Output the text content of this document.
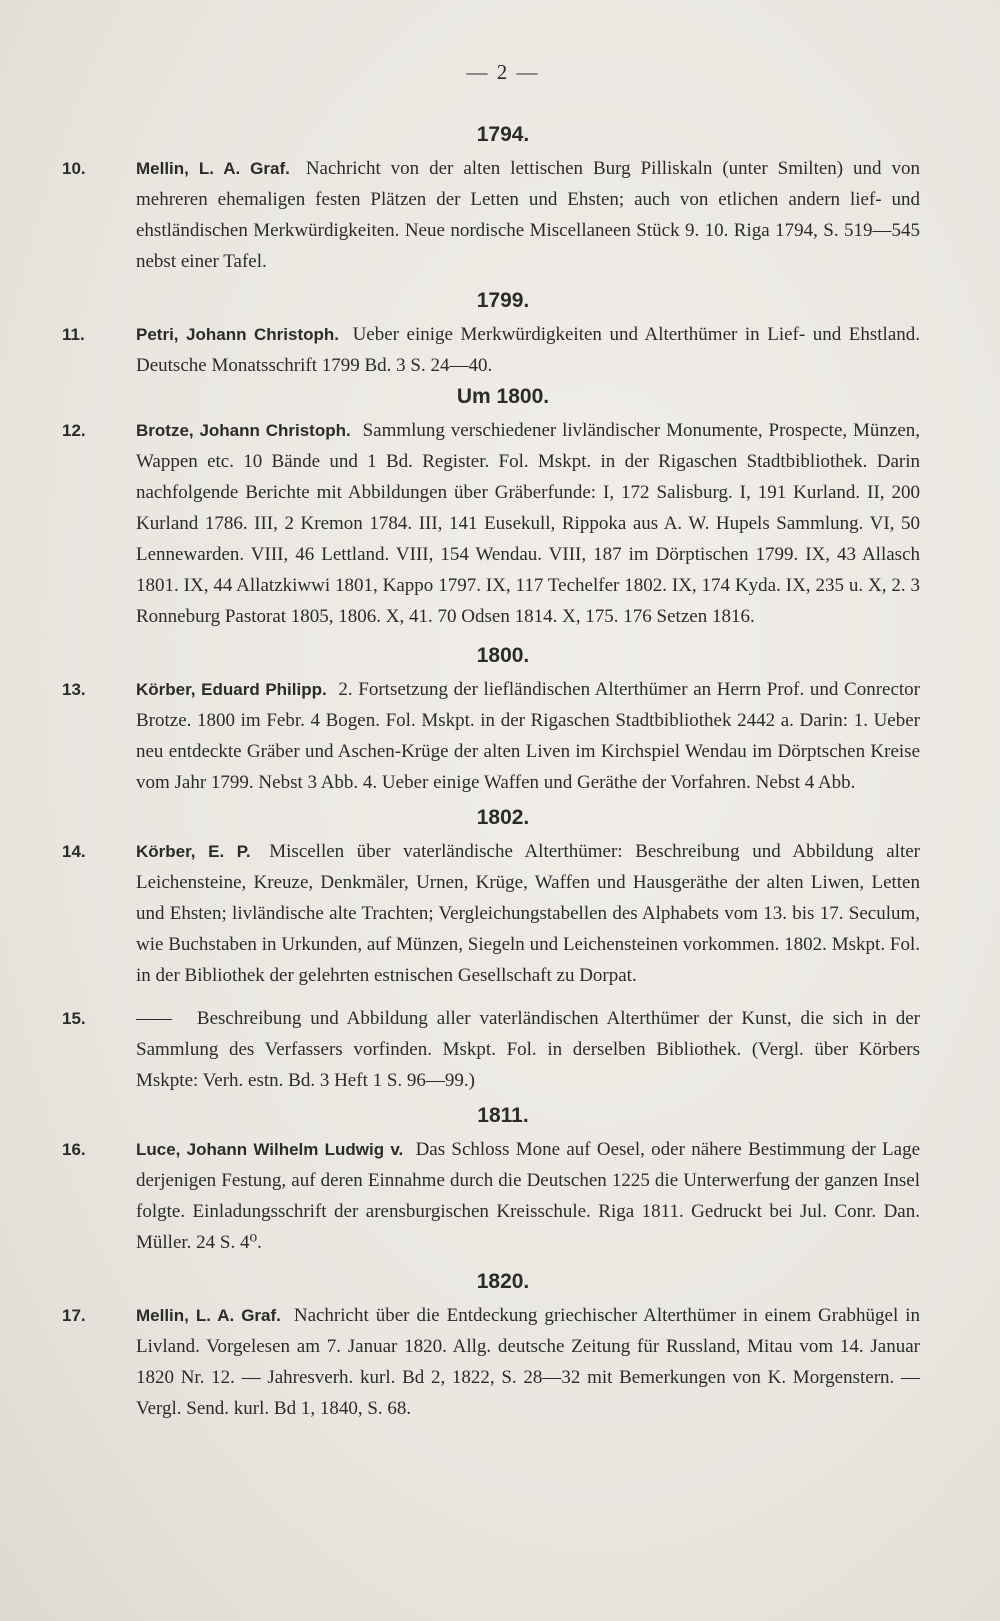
— 2 —
1794.
10.	Mellin, L. A. Graf. Nachricht von der alten lettischen Burg Pilliskaln (unter Smilten) und von mehreren ehemaligen festen Plätzen der Letten und Ehsten; auch von etlichen andern lief- und ehstländischen Merkwürdigkeiten. Neue nordische Miscellaneen Stück 9. 10. Riga 1794, S. 519—545 nebst einer Tafel.
1799.
11.	Petri, Johann Christoph. Ueber einige Merkwürdigkeiten und Alterthümer in Lief- und Ehstland. Deutsche Monatsschrift 1799 Bd. 3 S. 24—40.
Um 1800.
12.	Brotze, Johann Christoph. Sammlung verschiedener livländischer Monumente, Prospecte, Münzen, Wappen etc. 10 Bände und 1 Bd. Register. Fol. Mskpt. in der Rigaschen Stadtbibliothek. Darin nachfolgende Berichte mit Abbildungen über Gräberfunde: I, 172 Salisburg. I, 191 Kurland. II, 200 Kurland 1786. III, 2 Kremon 1784. III, 141 Eusekull, Rippoka aus A. W. Hupels Sammlung. VI, 50 Lennewarden. VIII, 46 Lettland. VIII, 154 Wendau. VIII, 187 im Dörptischen 1799. IX, 43 Allasch 1801. IX, 44 Allatzkiwwi 1801, Kappo 1797. IX, 117 Techelfer 1802. IX, 174 Kyda. IX, 235 u. X, 2. 3 Ronneburg Pastorat 1805, 1806. X, 41. 70 Odsen 1814. X, 175. 176 Setzen 1816.
1800.
13.	Körber, Eduard Philipp. 2. Fortsetzung der liefländischen Alterthümer an Herrn Prof. und Conrector Brotze. 1800 im Febr. 4 Bogen. Fol. Mskpt. in der Rigaschen Stadtbibliothek 2442 a. Darin: 1. Ueber neu entdeckte Gräber und Aschen-Krüge der alten Liven im Kirchspiel Wendau im Dörptschen Kreise vom Jahr 1799. Nebst 3 Abb. 4. Ueber einige Waffen und Geräthe der Vorfahren. Nebst 4 Abb.
1802.
14.	Körber, E. P. Miscellen über vaterländische Alterthümer: Beschreibung und Abbildung alter Leichensteine, Kreuze, Denkmäler, Urnen, Krüge, Waffen und Hausgeräthe der alten Liwen, Letten und Ehsten; livländische alte Trachten; Vergleichungstabellen des Alphabets vom 13. bis 17. Seculum, wie Buchstaben in Urkunden, auf Münzen, Siegeln und Leichensteinen vorkommen. 1802. Mskpt. Fol. in der Bibliothek der gelehrten estnischen Gesellschaft zu Dorpat.
15.	—— Beschreibung und Abbildung aller vaterländischen Alterthümer der Kunst, die sich in der Sammlung des Verfassers vorfinden. Mskpt. Fol. in derselben Bibliothek. (Vergl. über Körbers Mskpte: Verh. estn. Bd. 3 Heft 1 S. 96—99.)
1811.
16.	Luce, Johann Wilhelm Ludwig v. Das Schloss Mone auf Oesel, oder nähere Bestimmung der Lage derjenigen Festung, auf deren Einnahme durch die Deutschen 1225 die Unterwerfung der ganzen Insel folgte. Einladungsschrift der arensburgischen Kreisschule. Riga 1811. Gedruckt bei Jul. Conr. Dan. Müller. 24 S. 4⁰.
1820.
17.	Mellin, L. A. Graf. Nachricht über die Entdeckung griechischer Alterthümer in einem Grabhügel in Livland. Vorgelesen am 7. Januar 1820. Allg. deutsche Zeitung für Russland, Mitau vom 14. Januar 1820 Nr. 12. — Jahresverh. kurl. Bd 2, 1822, S. 28—32 mit Bemerkungen von K. Morgenstern. — Vergl. Send. kurl. Bd 1, 1840, S. 68.
